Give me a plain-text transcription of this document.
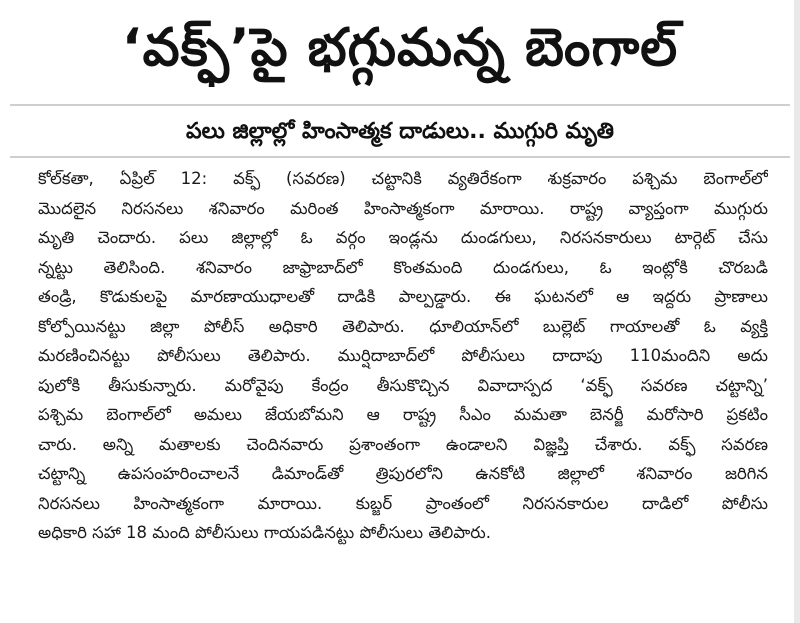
‘వక్ఫ్’పై భగ్గుమన్న బెంగాల్
పలు జిల్లాల్లో హింసాత్మక దాడులు.. ముగ్గురి మృతి
కోల్‌కతా, ఏప్రిల్ 12: వక్ఫ్ (సవరణ) చట్టానికి వ్యతిరేకంగా శుక్రవారం పశ్చిమ బెంగాల్‌లో
మొదలైన నిరసనలు శనివారం మరింత హింసాత్మకంగా మారాయి. రాష్ట్ర వ్యాప్తంగా ముగ్గురు
మృతి చెందారు. పలు జిల్లాల్లో ఓ వర్గం ఇండ్లను దుండగులు, నిరసనకారులు టార్గెట్ చేసు
న్నట్టు తెలిసింది. శనివారం జాఫ్రాబాద్‌లో కొంతమంది దుండగులు, ఓ ఇంట్లోకి చొరబడి
తండ్రి, కొడుకులపై మారణాయుధాలతో దాడికి పాల్పడ్డారు. ఈ ఘటనలో ఆ ఇద్దరు ప్రాణాలు
కోల్పోయినట్టు జిల్లా పోలీస్ అధికారి తెలిపారు. ధూలియాన్‌లో బుల్లెట్ గాయాలతో ఓ వ్యక్తి
మరణించినట్టు పోలీసులు తెలిపారు. ముర్షిదాబాద్‌లో పోలీసులు దాదాపు 110మందిని అదు
పులోకి తీసుకున్నారు. మరోవైపు కేంద్రం తీసుకొచ్చిన వివాదాస్పద ‘వక్ఫ్ సవరణ చట్టాన్ని’
పశ్చిమ బెంగాల్‌లో అమలు జేయబోమని ఆ రాష్ట్ర సీఎం మమతా బెనర్జీ మరోసారి ప్రకటిం
చారు. అన్ని మతాలకు చెందినవారు ప్రశాంతంగా ఉండాలని విజ్ఞప్తి చేశారు. వక్ఫ్ సవరణ
చట్టాన్ని ఉపసంహరించాలనే డిమాండ్‌తో త్రిపురలోని ఉనకోటి జిల్లాలో శనివారం జరిగిన
నిరసనలు హింసాత్మకంగా మారాయి. కుబ్జర్ ప్రాంతంలో నిరసనకారుల దాడిలో పోలీసు
అధికారి సహా 18 మంది పోలీసులు గాయపడినట్టు పోలీసులు తెలిపారు.
